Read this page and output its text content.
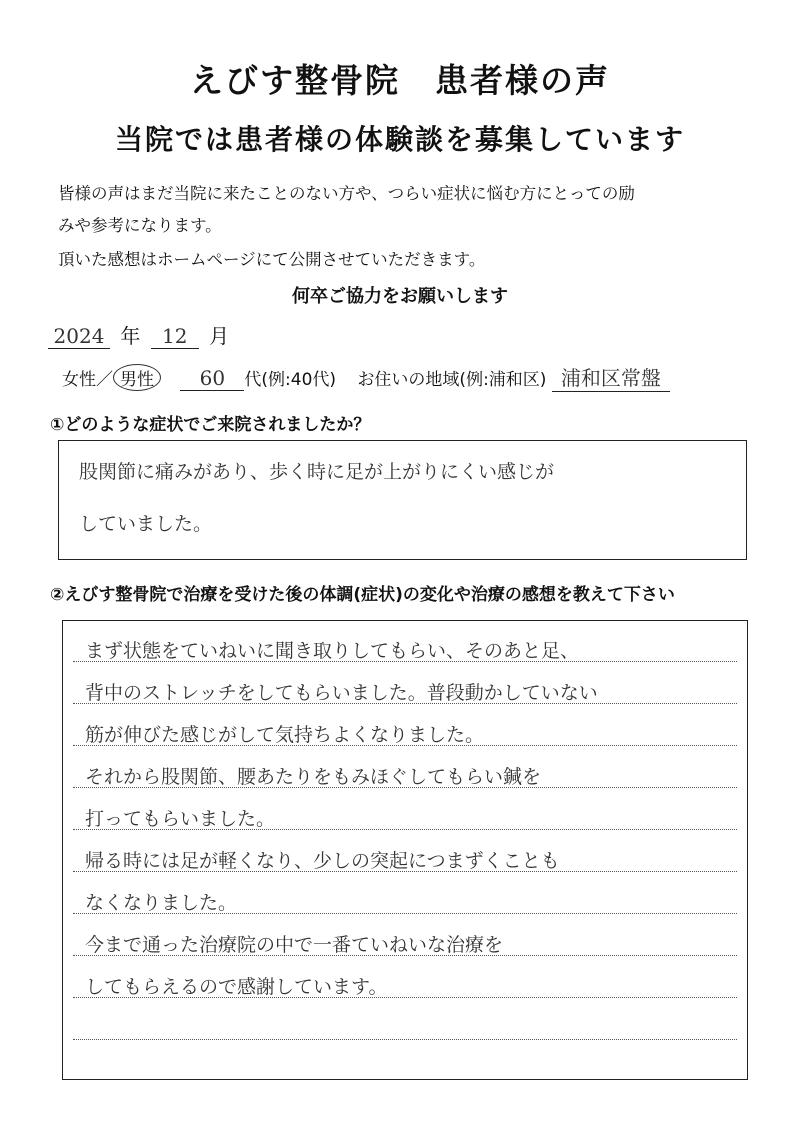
えびす整骨院　患者様の声
当院では患者様の体験談を募集しています
皆様の声はまだ当院に来たことのない方や、つらい症状に悩む方にとっての励
みや参考になります。
頂いた感想はホームページにて公開させていただきます。
何卒ご協力をお願いします
2024 年 12 月
女性／ 男性 60 代(例:40代) お住いの地域(例:浦和区) 浦和区常盤
①どのような症状でご来院されましたか？
股関節に痛みがあり、歩く時に足が上がりにくい感じが
していました。
②えびす整骨院で治療を受けた後の体調(症状)の変化や治療の感想を教えて下さい
まず状態をていねいに聞き取りしてもらい、そのあと足、
背中のストレッチをしてもらいました。普段動かしていない
筋が伸びた感じがして気持ちよくなりました。
それから股関節、腰あたりをもみほぐしてもらい鍼を
打ってもらいました。
帰る時には足が軽くなり、少しの突起につまずくことも
なくなりました。
今まで通った治療院の中で一番ていねいな治療を
してもらえるので感謝しています。
